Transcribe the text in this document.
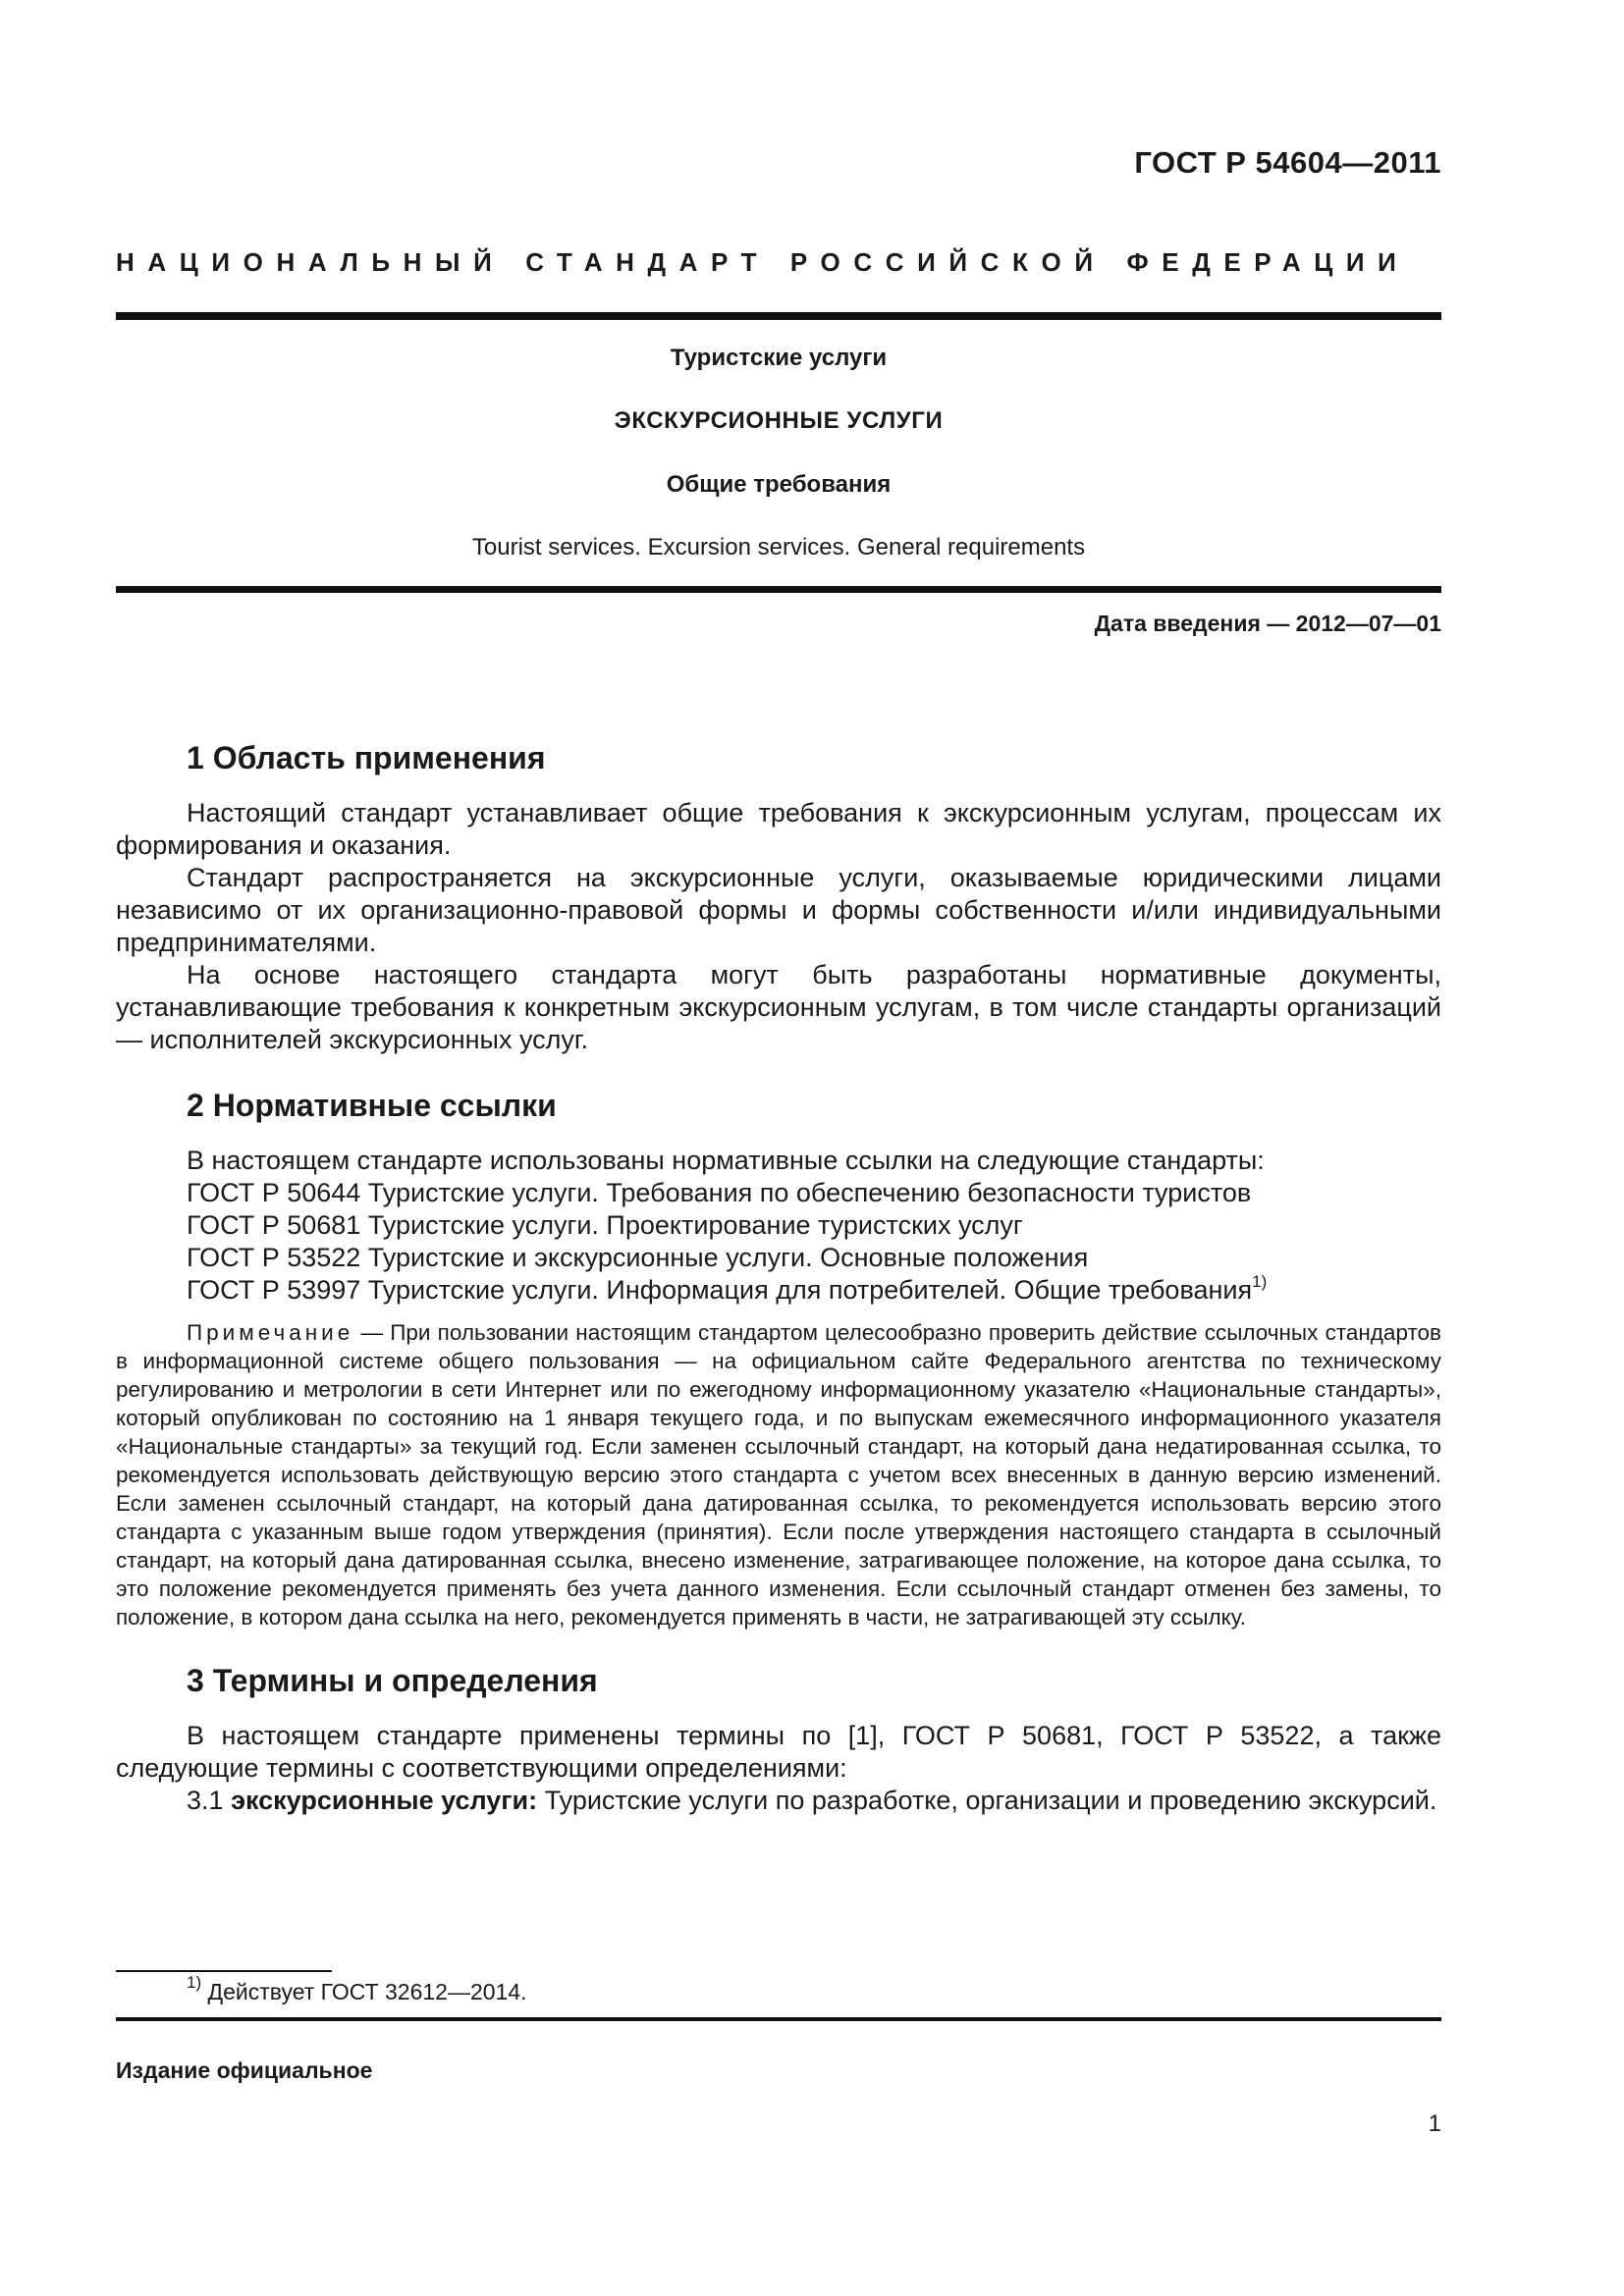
ГОСТ Р 54604—2011
НАЦИОНАЛЬНЫЙ СТАНДАРТ РОССИЙСКОЙ ФЕДЕРАЦИИ
Туристские услуги
ЭКСКУРСИОННЫЕ УСЛУГИ
Общие требования
Tourist services. Excursion services. General requirements
Дата введения — 2012—07—01
1 Область применения

Настоящий стандарт устанавливает общие требования к экскурсионным услугам, процессам их формирования и оказания.

Стандарт распространяется на экскурсионные услуги, оказываемые юридическими лицами независимо от их организационно-правовой формы и формы собственности и/или индивидуальными предпринимателями.

На основе настоящего стандарта могут быть разработаны нормативные документы, устанавливающие требования к конкретным экскурсионным услугам, в том числе стандарты организаций — исполнителей экскурсионных услуг.

2 Нормативные ссылки

В настоящем стандарте использованы нормативные ссылки на следующие стандарты:

ГОСТ Р 50644 Туристские услуги. Требования по обеспечению безопасности туристов

ГОСТ Р 50681 Туристские услуги. Проектирование туристских услуг

ГОСТ Р 53522 Туристские и экскурсионные услуги. Основные положения

ГОСТ Р 53997 Туристские услуги. Информация для потребителей. Общие требования$^{1)}$

Примечание — При пользовании настоящим стандартом целесообразно проверить действие ссылочных стандартов в информационной системе общего пользования — на официальном сайте Федерального агентства по техническому регулированию и метрологии в сети Интернет или по ежегодному информационному указателю «Национальные стандарты», который опубликован по состоянию на 1 января текущего года, и по выпускам ежемесячного информационного указателя «Национальные стандарты» за текущий год. Если заменен ссылочный стандарт, на который дана недатированная ссылка, то рекомендуется использовать действующую версию этого стандарта с учетом всех внесенных в данную версию изменений. Если заменен ссылочный стандарт, на который дана датированная ссылка, то рекомендуется использовать версию этого стандарта с указанным выше годом утверждения (принятия). Если после утверждения настоящего стандарта в ссылочный стандарт, на который дана датированная ссылка, внесено изменение, затрагивающее положение, на которое дана ссылка, то это положение рекомендуется применять без учета данного изменения. Если ссылочный стандарт отменен без замены, то положение, в котором дана ссылка на него, рекомендуется применять в части, не затрагивающей эту ссылку.

3 Термины и определения

В настоящем стандарте применены термины по [1], ГОСТ Р 50681, ГОСТ Р 53522, а также следующие термины с соответствующими определениями:

3.1 экскурсионные услуги: Туристские услуги по разработке, организации и проведению экскурсий.

$^{1)}$ Действует ГОСТ 32612—2014.
Издание официальное
1
